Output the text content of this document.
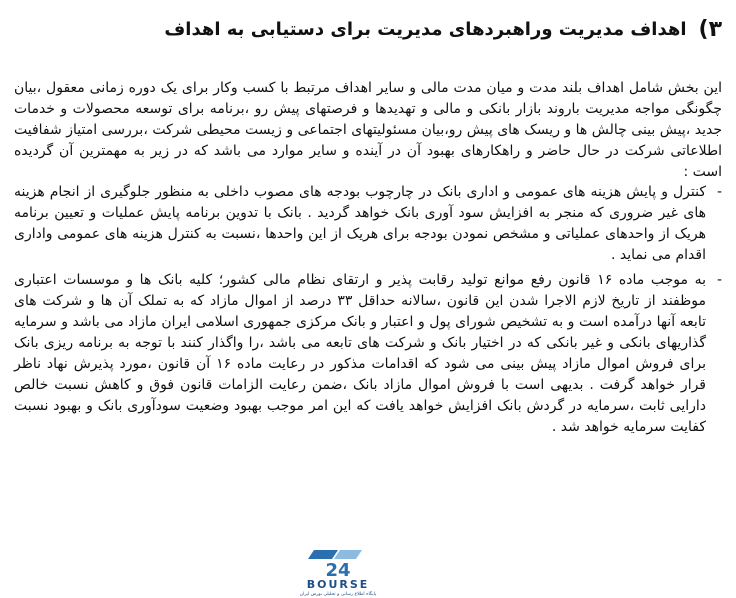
۳)
اهداف مدیریت وراهبردهای مدیریت برای دستیابی به اهداف

این بخش شامل اهداف بلند مدت و میان مدت مالی و سایر اهداف مرتبط با کسب وکار برای یک دوره زمانی معقول ،بیان چگونگی مواجه مدیریت باروند بازار بانکی و مالی و تهدیدها و فرصتهای پیش رو ،برنامه برای توسعه محصولات و خدمات جدید ،پیش بینی چالش ها و ریسک های پیش رو،بیان مسئولیتهای اجتماعی و زیست محیطی شرکت ،بررسی امتیاز شفافیت اطلاعاتی شرکت در حال حاضر و راهکارهای بهبود آن در آینده و سایر موارد می باشد که در زیر به مهمترین آن گردیده است :

-
کنترل و پایش هزینه های عمومی و اداری بانک در چارچوب بودجه های مصوب داخلی به منظور جلوگیری از انجام هزینه های غیر ضروری که منجر به افزایش سود آوری بانک خواهد گردید . بانک با تدوین برنامه پایش عملیات و تعیین برنامه هریک از واحدهای عملیاتی و مشخص نمودن بودجه برای هریک از این واحدها ،نسبت به کنترل هزینه های عمومی واداری اقدام می نماید .
-
به موجب ماده ۱۶ قانون رفع موانع تولید رقابت پذیر و ارتقای نظام مالی کشور؛ کلیه بانک ها و موسسات اعتباری موظفند از تاریخ لازم الاجرا شدن این قانون ،سالانه حداقل ۳۳ درصد از اموال مازاد که به تملک آن ها و شرکت های تابعه آنها درآمده است و به تشخیص شورای پول و اعتبار و بانک مرکزی جمهوری اسلامی ایران مازاد می باشد و سرمایه گذاریهای بانکی و غیر بانکی که در اختیار بانک و شرکت های تابعه می باشد ،را واگذار کنند با توجه به برنامه ریزی بانک برای فروش اموال مازاد پیش بینی می شود که اقدامات مذکور در رعایت ماده ۱۶ آن قانون ،مورد پذیرش نهاد ناظر قرار خواهد گرفت . بدیهی است با فروش اموال مازاد بانک ،ضمن رعایت الزامات قانون فوق و کاهش نسبت خالص دارایی ثابت ،سرمایه در گردش بانک افزایش خواهد یافت که این امر موجب بهبود وضعیت سودآوری بانک و بهبود نسبت کفایت سرمایه خواهد شد .
24
BOURSE
پایگاه اطلاع رسانی و تحلیلی بورس ایران
